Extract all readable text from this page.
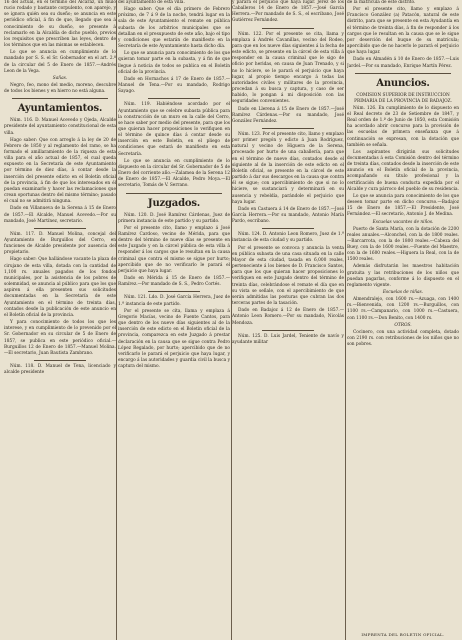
16 del actual, en el término del Alcaráz, un mulo rucio rodado y bastante corpulento, con aparejo, y se ignora quién sea su dueño; se anuncia en este periódico oficial, á fin de que, llegado que sea á conocimiento de su dueño, se presente á reclamarlo en la Alcaldía de dicho pueblo, previos los requisitos que prescriben las leyes, dentro de los términos que en las mismas se establecen.

Lo que se anuncia en cumplimiento de lo mandado por S. S. el Sr. Gobernador en el art. 2.º de la circular del 5 de Enero de 1857.—Andrés Leon de la Vega.

Sañas.

Negro, feo, mono del medio, moreno, descubre de todos los bienes y en hierro no está alguna.

Ayuntamientos.

Núm. 116. D. Manuel Acevedo y Ojeda, Alcalde presidente del ayuntamiento constitucional de esta villa.

Hago saber: Que con arreglo á la ley de 20 de Febrero de 1850 y al reglamento del ramo, se ha formado el amillaramiento de la riqueza de esta villa para el año actual de 1857, el cual queda expuesto en la Secretaría de este Ayuntamiento por término de diez días, á contar desde la inserción del presente edicto en el Boletín oficial de la provincia, á fin de que los interesados en él puedan examinarlo y hacer las reclamaciones que crean oportunas dentro del mismo término; pasado el cual no se admitirá ninguna.

Dado en Villanueva de la Serena á 15 de Enero de 1857.—El Alcalde, Manuel Acevedo.—Por su mandado, José Martínez, secretario.

Núm. 117. D. Manuel Molina, concejal del Ayuntamiento de Burguillos del Cerro, en funciones de Alcalde presidente por ausencia del propietario.

Hago saber: Que hallándose vacante la plaza de cirujano de esta villa, dotada con la cantidad de 1,100 rs. anuales pagados de los fondos municipales, por la asistencia de los pobres de solemnidad, se anuncia al público para que los que aspiren á ella presenten sus solicitudes documentadas en la Secretaría de este Ayuntamiento en el término de treinta días, contados desde la publicación de este anuncio en el Boletín oficial de la provincia.

Y para conocimiento de todos los que les interese, y en cumplimiento de lo prevenido por el Sr. Gobernador en su circular de 5 de Enero de 1857, se publica en este periódico oficial.—Burguillos 12 de Enero de 1857.—Manuel Molina.—El secretario, Juan Bautista Zambrano.

Núm. 118. D. Manuel de Tena, licenciado y alcalde presidente

del ayuntamiento de esta villa.

Hago saber: Que el día primero de Febrero próximo, de 7 á 9 de la noche, tendrá lugar en la sala de este Ayuntamiento el remate en pública subasta de los arbitrios municipales que se detallan en el presupuesto de este año, bajo el tipo y condiciones que estarán de manifiesto en la Secretaría de este Ayuntamiento hasta dicho día.

Lo que se anuncia para conocimiento de los que quieran tomar parte en la subasta, y á fin de que llegue á noticia de todos se publica en el Boletín oficial de la provincia.

Dado en Hornachos á 17 de Enero de 1857.—Manuel de Tena.—Por su mandado, Rodrigo Sayago.

Núm. 119. Habiéndose acordado por el Ayuntamiento que se celebre subasta pública para la construcción de un muro en la calle del Cerro, se hace saber por medio del presente, para que los que quieran hacer proposiciones lo verifiquen en el término de quince días á contar desde su inserción en este Boletín, en el pliego de condiciones que estará de manifiesto en esta Secretaría.

Lo que se anuncia en cumplimiento de lo dispuesto en la circular del Sr. Gobernador de 5 de Enero del corriente año.—Zalamea de la Serena 12 de Enero de 1857.—El Alcalde, Pedro Moya.—El secretario, Tomás de V. Serrano.

Juzgados.

Núm. 120. D. José Ramírez Cárdenas, Juez de primera instancia de este partido y su partido.

Por el presente cito, llamo y emplazo á José Ramírez Cardoso, vecino de Mérida, para que dentro del término de nueve días se presente en este Juzgado y en la cárcel pública de esta villa á responder á los cargos que le resultan en la causa criminal que contra el mismo se sigue por hurto; apercibido que de no verificarlo le parará el perjuicio que haya lugar.

Dado en Mérida á 15 de Enero de 1857.—Ramírez.—Por mandado de S. S., Pedro Cortés.

Núm. 121. Ldo. D. José García Herrera, Juez de 1.ª instancia de este partido.

Por el presente se cita, llama y emplaza á Gregorio Macías, vecino de Fuente Cantos, para que dentro de los nueve días siguientes al de la inserción de este edicto en el Boletín oficial de la provincia, comparezca en este Juzgado á prestar declaración en la causa que se sigue contra Pedro López Regalado, por hurto; apercibido que de no verificarlo le parará el perjuicio que haya lugar, y encargo á las autoridades y guardia civil la busca y captura del mismo.

y parará el perjuicio que haya lugar. Jerez de los Caballeros 14 de Enero de 1857.—José García Herrera.—Por mandado de S. S., el escribano, José Gutiérrez Fernández.

Núm. 122. Por el presente se cita, llama y emplaza á Andrés Cavanillas, vecino del Rodeo, para que en los nueve días siguientes á la fecha de este edicto, se presente en la cárcel de esta villa á responder en la causa criminal que le sigo de oficio por heridas, en causa de Juan Trenado, y si no lo hiciere, se le parará el perjuicio que haya lugar, al propio tiempo encargo á todas las autoridades civiles y militares de la provincia, procedan á su busca y captura, y caso de ser habido, lo pongan á mi disposición con las seguridades convenientes.

Dado en Llerena á 15 de Enero de 1857.—José Ramírez Cárdenas.—Por su mandado, José González Fernández.

Núm. 123. Por el presente cito, llamo y emplazo por primer pregón y edicto á Juan Rodríguez, natural y vecino de Higuera de la Serena, procesado por hurto de una caballería, para que en el término de nueve días, contados desde el siguiente al de la inserción de este edicto en el Boletín oficial, se presente en la cárcel de este partido á dar sus descargos en la causa que contra él se sigue; con apercibimiento de que si no lo hiciere, se sustanciará y determinará en su ausencia y rebeldía, parándole el perjuicio que haya lugar.

Dado en Castuera á 14 de Enero de 1857.—José García Herrera.—Por su mandado, Antonio María Pardo, escribano.

Núm. 124. D. Antonio Leon Romero, Juez de 1.ª instancia de esta ciudad y su partido.

Por el presente se convoca y anuncia la venta en pública subasta de una casa situada en la calle Mayor de esta ciudad, tasada en 6,000 reales, perteneciente á los bienes de D. Francisco Santos, para que los que quieran hacer proposiciones lo verifiquen en este Juzgado dentro del término de treinta días, celebrándose el remate el día que en su vista se señale, con el apercibimiento de que serán admitidas las posturas que cubran las dos terceras partes de la tasación.

Dado en Badajoz á 12 de Enero de 1857.—Antonio Leon Romero.—Por su mandado, Nicolás Mendoza.

Núm. 125. D. Luis Jardel, Teniente de navío y ayudante militar

de la matrícula de este distrito.

Por el presente cito, llamo y emplazo á Francisco González (a) Patacón, natural de este distrito, para que se presente en esta Ayudantía en el término de treinta días, á fin de responder á los cargos que le resultan en la causa que se le sigue por deserción del buque de su matrícula; apercibido que de no hacerlo le parará el perjuicio que haya lugar.

Dado en Almadén á 10 de Enero de 1857.—Luis Jardel.—Por su mandado, Enrique Martín Pérez.

Anuncios.

COMISION SUPERIOR DE INSTRUCCION PRIMARIA DE LA PROVINCIA DE BADAJOZ.

Núm. 126. En cumplimiento de lo dispuesto en el Real decreto de 23 de Setiembre de 1847, y Real orden de 1.º de Junio de 1850, esta Comisión ha acordado abrir concurso para la provisión de las escuelas de primera enseñanza que á continuación se expresan, con la dotación que también se señala.

Los aspirantes dirigirán sus solicitudes documentadas á esta Comisión dentro del término de treinta días, contados desde la inserción de este anuncio en el Boletín oficial de la provincia, acompañando su título profesional y la certificación de buena conducta expedida por el Alcalde y cura párroco del pueblo de su residencia.

Lo que se anuncia para conocimiento de los que deseen tomar parte en dicho concurso.—Badajoz 15 de Enero de 1857.—El Presidente, José Fernández.—El secretario, Antonio J. de Medina.

Escuelas vacantes de niños.

Puerto de Santa María, con la dotación de 2200 reales anuales.—Alconchel, con la de 1800 reales.—Barcarrota, con la de 1800 reales.—Cabeza del Buey, con la de 1600 reales.—Fuente del Maestre, con la de 1600 reales.—Higuera la Real, con la de 1500 reales.

Además disfrutarán los maestros habitación gratuita y las retribuciones de los niños que puedan pagarlas, conforme á lo dispuesto en el reglamento vigente.

Escuelas de niñas.

Almendralejo, con 1600 rs.—Azuaga, con 1400 rs.—Bienvenida, con 1200 rs.—Burguillos, con 1100 rs.—Campanario, con 1000 rs.—Castuera, con 1100 rs.—Don Benito, con 1400 rs.

OTROS.

Cocinero, con una actividad completa, dotado con 2190 rs. con retribuciones de los niños que no son pobres.

IMPRENTA DEL BOLETIN OFICIAL.
